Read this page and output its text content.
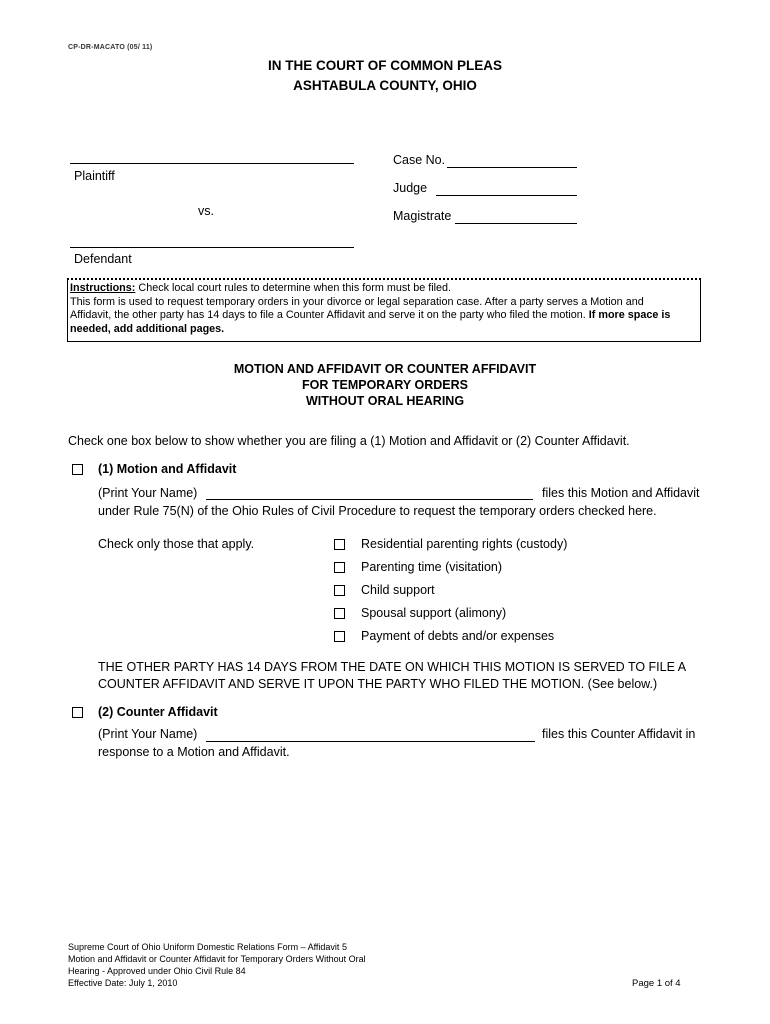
CP-DR-MACATO (05/ 11)
IN THE COURT OF COMMON PLEAS
ASHTABULA COUNTY, OHIO
Plaintiff
vs.
Defendant
Case No.
Judge
Magistrate
Instructions: Check local court rules to determine when this form must be filed.
This form is used to request temporary orders in your divorce or legal separation case. After a party serves a Motion and
Affidavit, the other party has 14 days to file a Counter Affidavit and serve it on the party who filed the motion. If more space is
needed, add additional pages.
MOTION AND AFFIDAVIT OR COUNTER AFFIDAVIT
FOR TEMPORARY ORDERS
WITHOUT ORAL HEARING
Check one box below to show whether you are filing a (1) Motion and Affidavit or (2) Counter Affidavit.
(1) Motion and Affidavit
(Print Your Name)	files this Motion and Affidavit
under Rule 75(N) of the Ohio Rules of Civil Procedure to request the temporary orders checked here.
Check only those that apply.	Residential parenting rights (custody)
Parenting time (visitation)
Child support
Spousal support (alimony)
Payment of debts and/or expenses
THE OTHER PARTY HAS 14 DAYS FROM THE DATE ON WHICH THIS MOTION IS SERVED TO FILE A
COUNTER AFFIDAVIT AND SERVE IT UPON THE PARTY WHO FILED THE MOTION. (See below.)
(2) Counter Affidavit
(Print Your Name)	files this Counter Affidavit in
response to a Motion and Affidavit.
Supreme Court of Ohio Uniform Domestic Relations Form – Affidavit 5
Motion and Affidavit or Counter Affidavit for Temporary Orders Without Oral
Hearing - Approved under Ohio Civil Rule 84
Effective Date: July 1, 2010	Page 1 of 4
